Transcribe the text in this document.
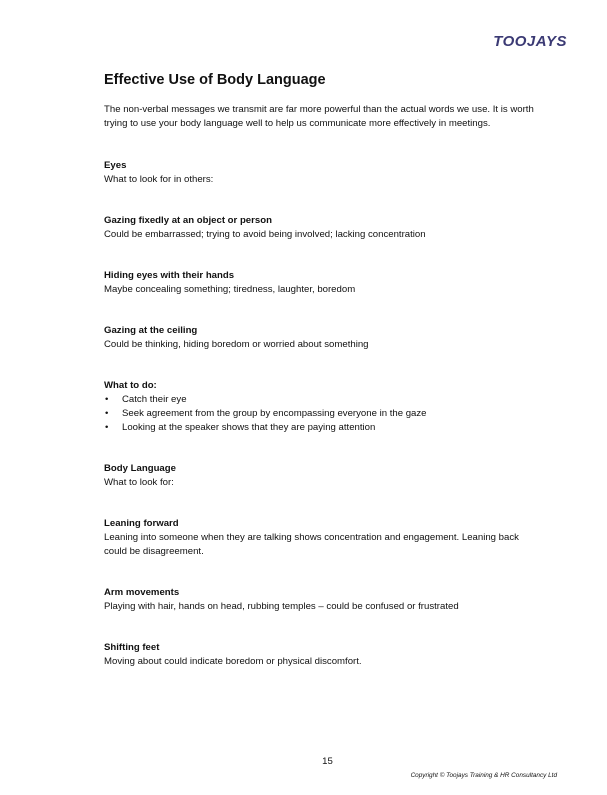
TOOJAYS
Effective Use of Body Language

The non-verbal messages we transmit are far more powerful than the actual words we use. It is worth trying to use your body language well to help us communicate more effectively in meetings.

Eyes
What to look for in others:
Gazing fixedly at an object or person
Could be embarrassed; trying to avoid being involved; lacking concentration
Hiding eyes with their hands
Maybe concealing something; tiredness, laughter, boredom
Gazing at the ceiling
Could be thinking, hiding boredom or worried about something
What to do:
• Catch their eye
• Seek agreement from the group by encompassing everyone in the gaze
• Looking at the speaker shows that they are paying attention
Body Language
What to look for:
Leaning forward
Leaning into someone when they are talking shows concentration and engagement. Leaning back could be disagreement.
Arm movements
Playing with hair, hands on head, rubbing temples – could be confused or frustrated
Shifting feet
Moving about could indicate boredom or physical discomfort.
15
Copyright © Toojays Training & HR Consultancy Ltd
